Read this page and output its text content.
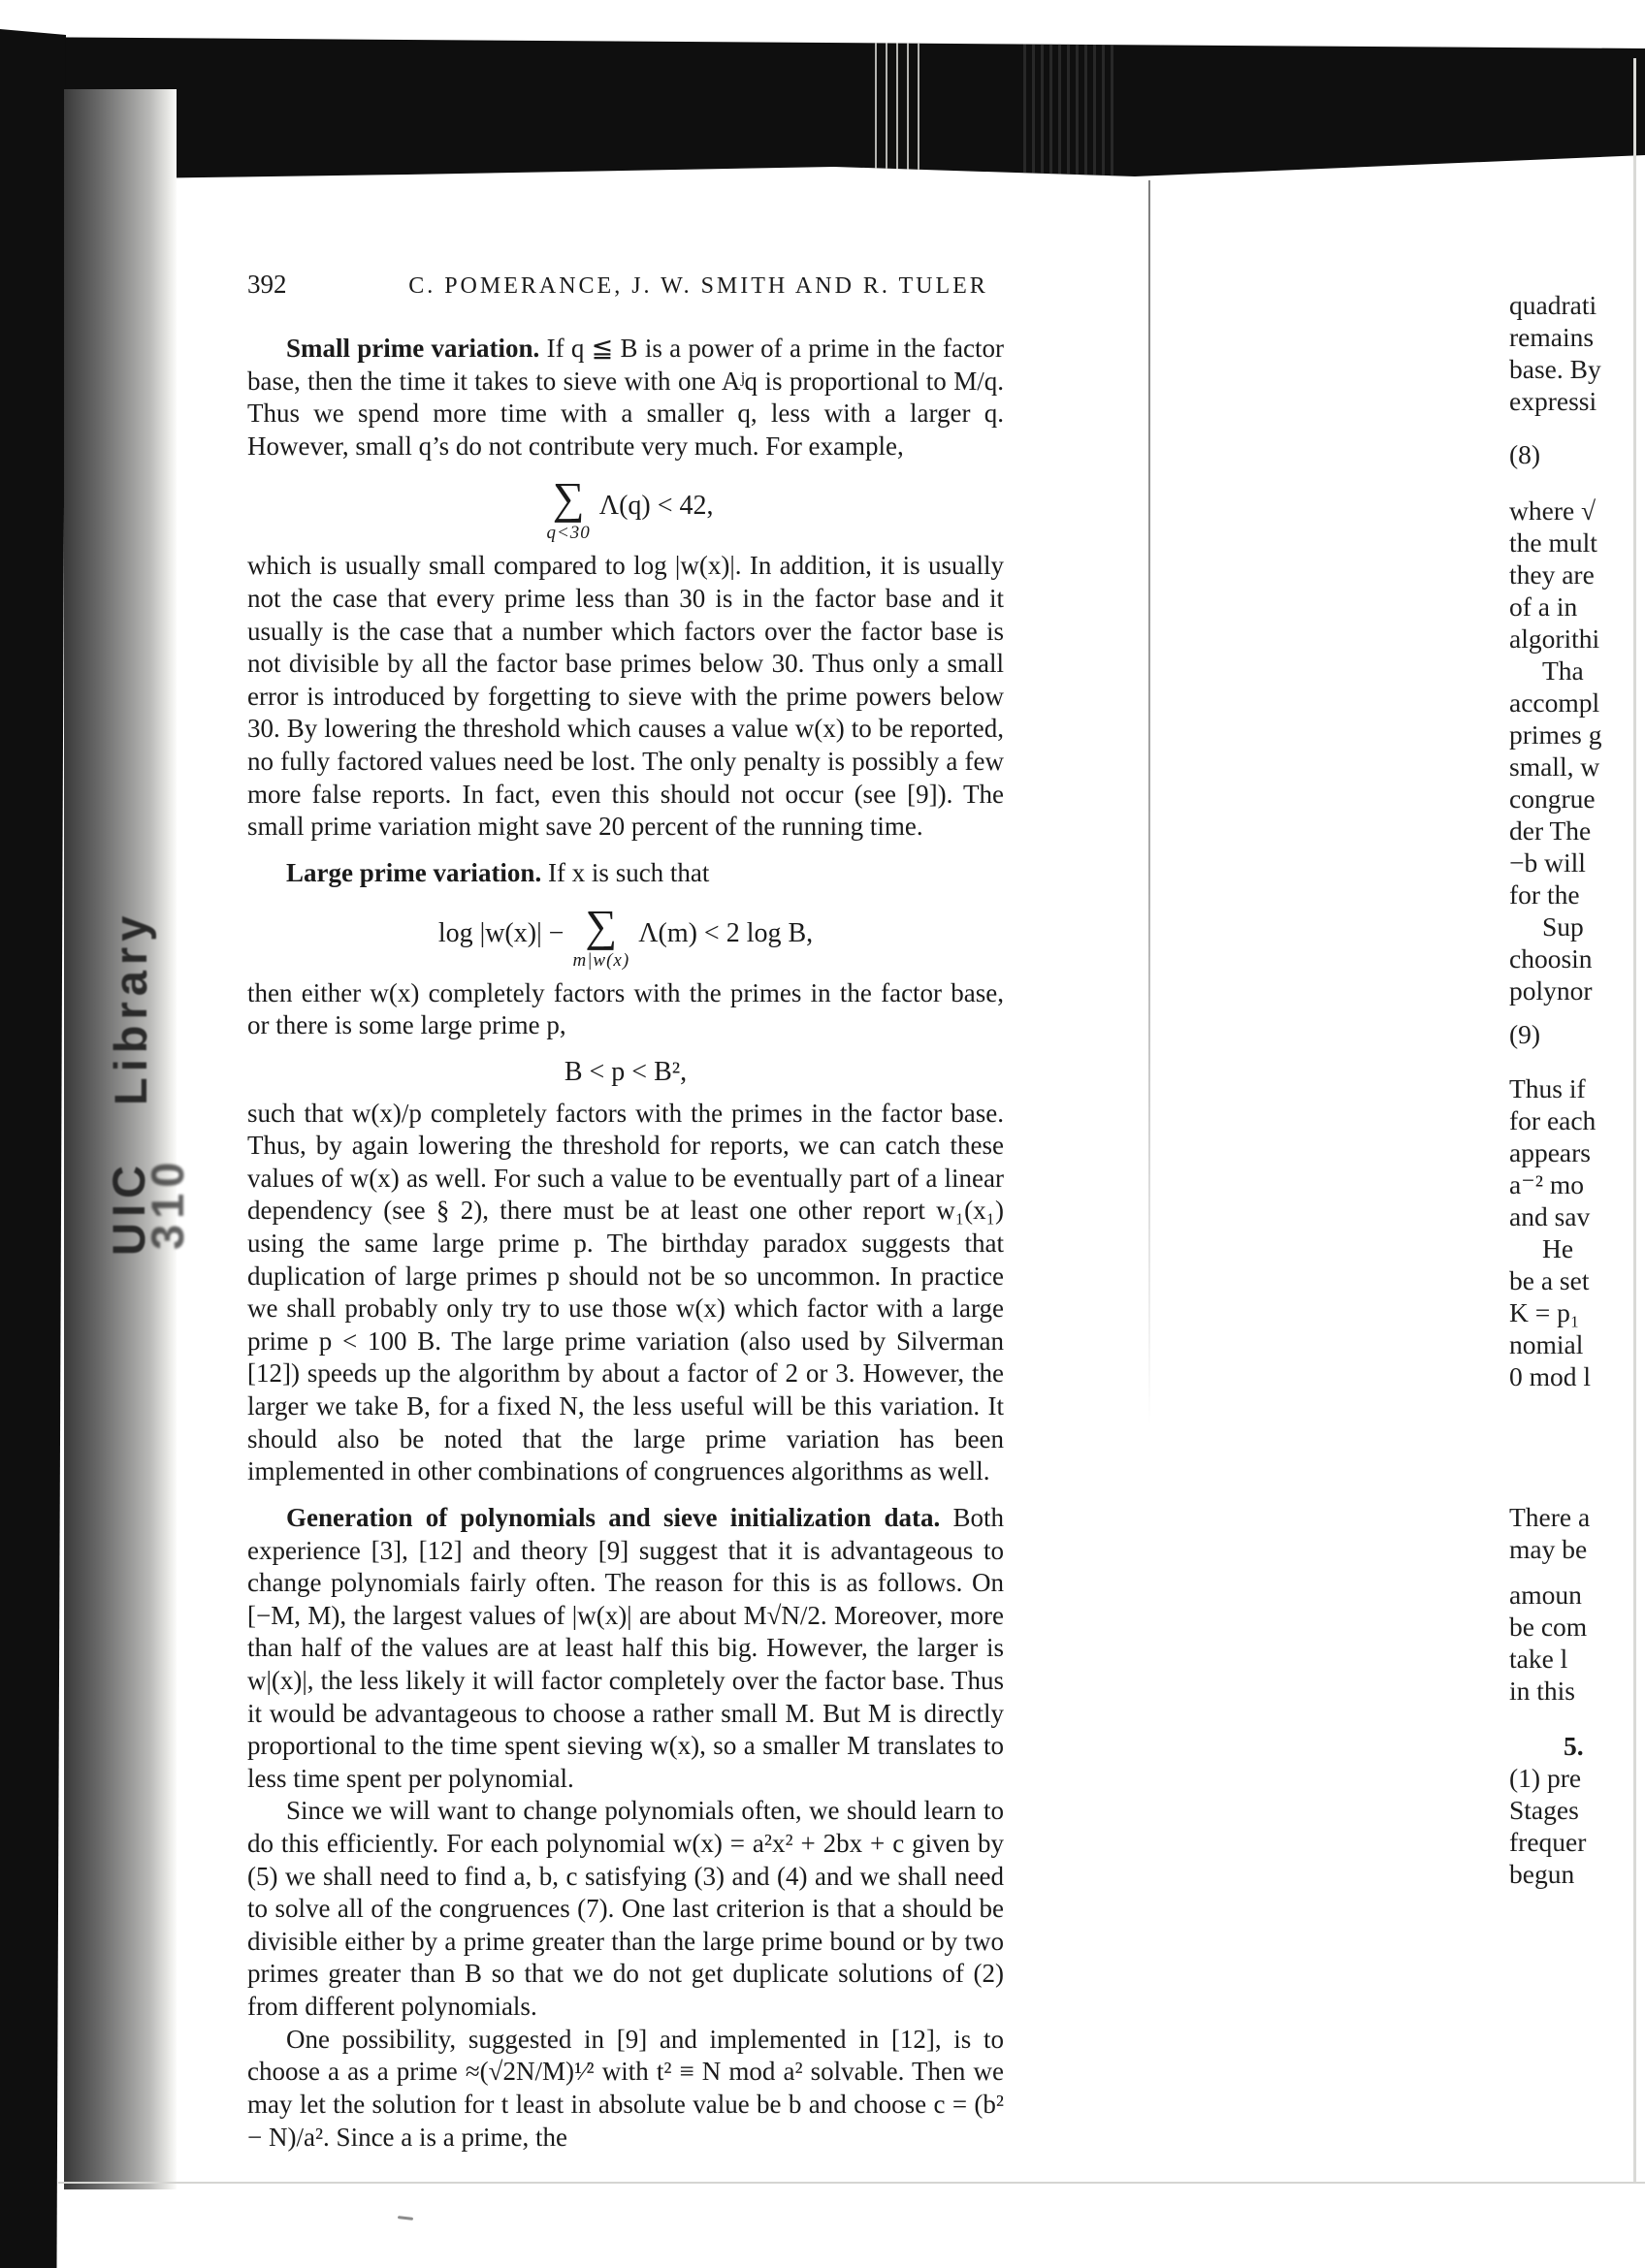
Library
UIC
310
392	C. POMERANCE, J. W. SMITH AND R. TULER

Small prime variation. If q ≦ B is a power of a prime in the factor base, then the time it takes to sieve with one Aʲq is proportional to M/q. Thus we spend more time with a smaller q, less with a larger q. However, small q’s do not contribute very much. For example,

∑
q<30
Λ(q) < 42,

which is usually small compared to log |w(x)|. In addition, it is usually not the case that every prime less than 30 is in the factor base and it usually is the case that a number which factors over the factor base is not divisible by all the factor base primes below 30. Thus only a small error is introduced by forgetting to sieve with the prime powers below 30. By lowering the threshold which causes a value w(x) to be reported, no fully factored values need be lost. The only penalty is possibly a few more false reports. In fact, even this should not occur (see [9]). The small prime variation might save 20 percent of the running time.

Large prime variation. If x is such that

log |w(x)| − ∑
m|w(x)
Λ(m) < 2 log B,

then either w(x) completely factors with the primes in the factor base, or there is some large prime p,

B < p < B²,

such that w(x)/p completely factors with the primes in the factor base. Thus, by again lowering the threshold for reports, we can catch these values of w(x) as well. For such a value to be eventually part of a linear dependency (see § 2), there must be at least one other report w₁(x₁) using the same large prime p. The birthday paradox suggests that duplication of large primes p should not be so uncommon. In practice we shall probably only try to use those w(x) which factor with a large prime p < 100 B. The large prime variation (also used by Silverman [12]) speeds up the algorithm by about a factor of 2 or 3. However, the larger we take B, for a fixed N, the less useful will be this variation. It should also be noted that the large prime variation has been implemented in other combinations of congruences algorithms as well.

Generation of polynomials and sieve initialization data. Both experience [3], [12] and theory [9] suggest that it is advantageous to change polynomials fairly often. The reason for this is as follows. On [−M, M), the largest values of |w(x)| are about M√N/2. Moreover, more than half of the values are at least half this big. However, the larger is w|(x)|, the less likely it will factor completely over the factor base. Thus it would be advantageous to choose a rather small M. But M is directly proportional to the time spent sieving w(x), so a smaller M translates to less time spent per polynomial.

Since we will want to change polynomials often, we should learn to do this efficiently. For each polynomial w(x) = a²x² + 2bx + c given by (5) we shall need to find a, b, c satisfying (3) and (4) and we shall need to solve all of the congruences (7). One last criterion is that a should be divisible either by a prime greater than the large prime bound or by two primes greater than B so that we do not get duplicate solutions of (2) from different polynomials.

One possibility, suggested in [9] and implemented in [12], is to choose a as a prime ≈(√2N/M)¹⁄² with t² ≡ N mod a² solvable. Then we may let the solution for t least in absolute value be b and choose c = (b² − N)/a². Since a is a prime, the

quadrati
remains
base. By
expressi
(8)
where √
the mult
they are
of a in
algorithi
Tha
accompl
primes g
small, w
congrue
der The
−b will
for the
Sup
choosin
polynor
(9)
Thus if
for each
appears
a⁻² mo
and sav
He
be a set
K = p₁
nomial
0 mod l
There a
may be
amoun
be com
take l
in this
5.
(1) pre
Stages
frequer
begun
